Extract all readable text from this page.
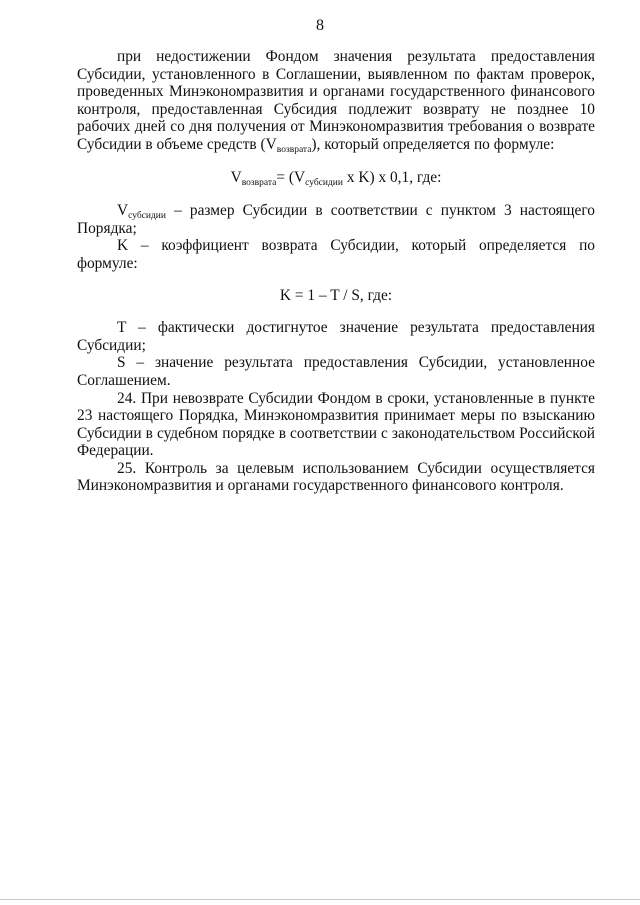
8

при недостижении Фондом значения результата предоставления Субсидии, установленного в Соглашении, выявленном по фактам проверок, проведенных Минэкономразвития и органами государственного финансового контроля, предоставленная Субсидия подлежит возврату не позднее 10 рабочих дней со дня получения от Минэкономразвития требования о возврате Субсидии в объеме средств $(V_{возврата})$, который определяется по формуле:

$V_{возврата}= (V_{субсидии}$ x K) x 0,1, где:

$V_{субсидии}$ – размер Субсидии в соответствии с пунктом 3 настоящего Порядка;

K – коэффициент возврата Субсидии, который определяется по формуле:

K = 1 – T / S, где:

T – фактически достигнутое значение результата предоставления Субсидии;

S – значение результата предоставления Субсидии, установленное Соглашением.

24. При невозврате Субсидии Фондом в сроки, установленные в пункте 23 настоящего Порядка, Минэкономразвития принимает меры по взысканию Субсидии в судебном порядке в соответствии с законодательством Российской Федерации.

25. Контроль за целевым использованием Субсидии осуществляется Минэкономразвития и органами государственного финансового контроля.
